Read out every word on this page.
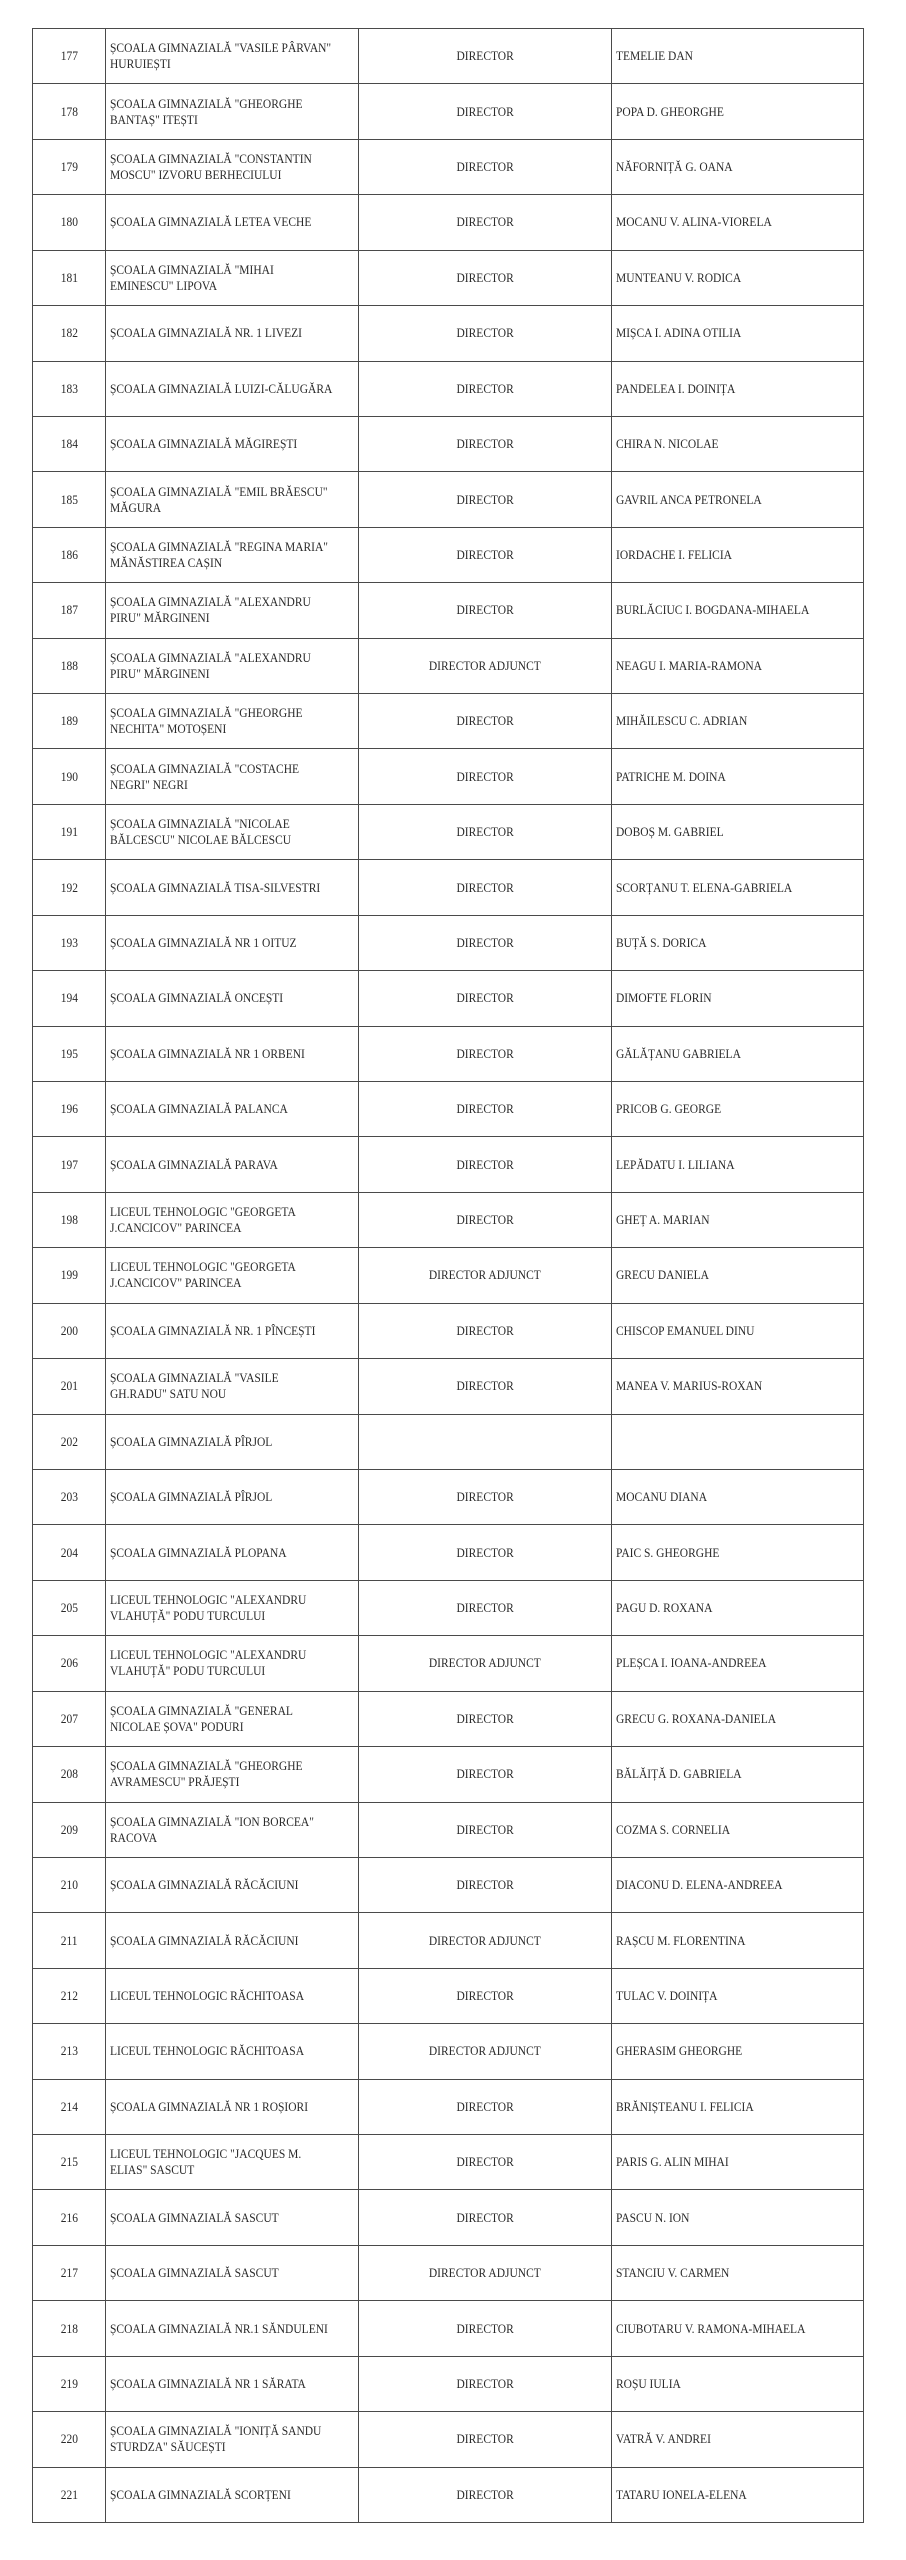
177	ȘCOALA GIMNAZIALĂ "VASILE PÂRVAN" HURUIEȘTI	DIRECTOR	TEMELIE DAN
178	ȘCOALA GIMNAZIALĂ "GHEORGHE BANTAȘ" ITEȘTI	DIRECTOR	POPA D. GHEORGHE
179	ȘCOALA GIMNAZIALĂ "CONSTANTIN MOSCU" IZVORU BERHECIULUI	DIRECTOR	NĂFORNIȚĂ G. OANA
180	ȘCOALA GIMNAZIALĂ LETEA VECHE	DIRECTOR	MOCANU V. ALINA-VIORELA
181	ȘCOALA GIMNAZIALĂ "MIHAI EMINESCU" LIPOVA	DIRECTOR	MUNTEANU V. RODICA
182	ȘCOALA GIMNAZIALĂ NR. 1 LIVEZI	DIRECTOR	MIȘCA I. ADINA OTILIA
183	ȘCOALA GIMNAZIALĂ LUIZI-CĂLUGĂRA	DIRECTOR	PANDELEA I. DOINIȚA
184	ȘCOALA GIMNAZIALĂ MĂGIREȘTI	DIRECTOR	CHIRA N. NICOLAE
185	ȘCOALA GIMNAZIALĂ "EMIL BRĂESCU" MĂGURA	DIRECTOR	GAVRIL ANCA PETRONELA
186	ȘCOALA GIMNAZIALĂ "REGINA MARIA" MĂNĂSTIREA CAȘIN	DIRECTOR	IORDACHE I. FELICIA
187	ȘCOALA GIMNAZIALĂ "ALEXANDRU PIRU" MĂRGINENI	DIRECTOR	BURLĂCIUC I. BOGDANA-MIHAELA
188	ȘCOALA GIMNAZIALĂ "ALEXANDRU PIRU" MĂRGINENI	DIRECTOR ADJUNCT	NEAGU I. MARIA-RAMONA
189	ȘCOALA GIMNAZIALĂ "GHEORGHE NECHITA" MOTOȘENI	DIRECTOR	MIHĂILESCU C. ADRIAN
190	ȘCOALA GIMNAZIALĂ "COSTACHE NEGRI" NEGRI	DIRECTOR	PATRICHE M. DOINA
191	ȘCOALA GIMNAZIALĂ "NICOLAE BĂLCESCU" NICOLAE BĂLCESCU	DIRECTOR	DOBOȘ M. GABRIEL
192	ȘCOALA GIMNAZIALĂ TISA-SILVESTRI	DIRECTOR	SCORȚANU T. ELENA-GABRIELA
193	ȘCOALA GIMNAZIALĂ NR 1 OITUZ	DIRECTOR	BUȚĂ S. DORICA
194	ȘCOALA GIMNAZIALĂ ONCEȘTI	DIRECTOR	DIMOFTE FLORIN
195	ȘCOALA GIMNAZIALĂ NR 1 ORBENI	DIRECTOR	GĂLĂȚANU GABRIELA
196	ȘCOALA GIMNAZIALĂ PALANCA	DIRECTOR	PRICOB G. GEORGE
197	ȘCOALA GIMNAZIALĂ PARAVA	DIRECTOR	LEPĂDATU I. LILIANA
198	LICEUL TEHNOLOGIC "GEORGETA J.CANCICOV" PARINCEA	DIRECTOR	GHEȚ A. MARIAN
199	LICEUL TEHNOLOGIC "GEORGETA J.CANCICOV" PARINCEA	DIRECTOR ADJUNCT	GRECU DANIELA
200	ȘCOALA GIMNAZIALĂ NR. 1 PÎNCEȘTI	DIRECTOR	CHISCOP EMANUEL DINU
201	ȘCOALA GIMNAZIALĂ "VASILE GH.RADU" SATU NOU	DIRECTOR	MANEA V. MARIUS-ROXAN
202	ȘCOALA GIMNAZIALĂ PÎRJOL		
203	ȘCOALA GIMNAZIALĂ PÎRJOL	DIRECTOR	MOCANU DIANA
204	ȘCOALA GIMNAZIALĂ PLOPANA	DIRECTOR	PAIC S. GHEORGHE
205	LICEUL TEHNOLOGIC "ALEXANDRU VLAHUȚĂ" PODU TURCULUI	DIRECTOR	PAGU D. ROXANA
206	LICEUL TEHNOLOGIC "ALEXANDRU VLAHUȚĂ" PODU TURCULUI	DIRECTOR ADJUNCT	PLEȘCA I. IOANA-ANDREEA
207	ȘCOALA GIMNAZIALĂ "GENERAL NICOLAE ȘOVA" PODURI	DIRECTOR	GRECU G. ROXANA-DANIELA
208	ȘCOALA GIMNAZIALĂ "GHEORGHE AVRAMESCU" PRĂJEȘTI	DIRECTOR	BĂLĂIȚĂ D. GABRIELA
209	ȘCOALA GIMNAZIALĂ "ION BORCEA" RACOVA	DIRECTOR	COZMA S. CORNELIA
210	ȘCOALA GIMNAZIALĂ RĂCĂCIUNI	DIRECTOR	DIACONU D. ELENA-ANDREEA
211	ȘCOALA GIMNAZIALĂ RĂCĂCIUNI	DIRECTOR ADJUNCT	RAȘCU M. FLORENTINA
212	LICEUL TEHNOLOGIC RĂCHITOASA	DIRECTOR	TULAC V. DOINIȚA
213	LICEUL TEHNOLOGIC RĂCHITOASA	DIRECTOR ADJUNCT	GHERASIM GHEORGHE
214	ȘCOALA GIMNAZIALĂ NR 1 ROȘIORI	DIRECTOR	BRĂNIȘTEANU I. FELICIA
215	LICEUL TEHNOLOGIC "JACQUES M. ELIAS" SASCUT	DIRECTOR	PARIS G. ALIN MIHAI
216	ȘCOALA GIMNAZIALĂ SASCUT	DIRECTOR	PASCU N. ION
217	ȘCOALA GIMNAZIALĂ SASCUT	DIRECTOR ADJUNCT	STANCIU V. CARMEN
218	ȘCOALA GIMNAZIALĂ NR.1 SĂNDULENI	DIRECTOR	CIUBOTARU V. RAMONA-MIHAELA
219	ȘCOALA GIMNAZIALĂ NR 1 SĂRATA	DIRECTOR	ROȘU IULIA
220	ȘCOALA GIMNAZIALĂ "IONIȚĂ SANDU STURDZA" SĂUCEȘTI	DIRECTOR	VATRĂ V. ANDREI
221	ȘCOALA GIMNAZIALĂ SCORȚENI	DIRECTOR	TATARU IONELA-ELENA
